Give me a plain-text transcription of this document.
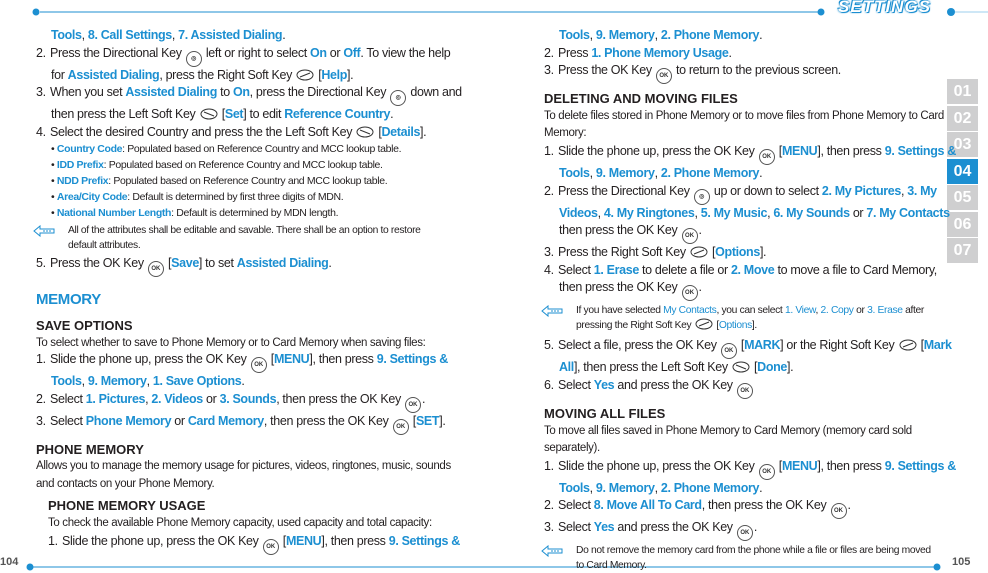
SETTINGS
104	105
01
02
03
04
05
06
07
Tools, 8. Call Settings, 7. Assisted Dialing.
2. Press the Directional Key ◎ left or right to select On or Off. To view the help
for Assisted Dialing, press the Right Soft Key  [Help].
3. When you set Assisted Dialing to On, press the Directional Key ◎ down and
then press the Left Soft Key  [Set] to edit Reference Country.
4. Select the desired Country and press the the Left Soft Key  [Details].
• Country Code: Populated based on Reference Country and MCC lookup table.
• IDD Prefix: Populated based on Reference Country and MCC lookup table.
• NDD Prefix: Populated based on Reference Country and MCC lookup table.
• Area/City Code: Default is determined by first three digits of MDN.
• National Number Length: Default is determined by MDN length.
All of the attributes shall be editable and savable. There shall be an option to restore
default attributes.
5. Press the OK Key OK [Save] to set Assisted Dialing.
MEMORY
SAVE OPTIONS
To select whether to save to Phone Memory or to Card Memory when saving files:
1. Slide the phone up, press the OK Key OK [MENU], then press 9. Settings &
Tools, 9. Memory, 1. Save Options.
2. Select 1. Pictures, 2. Videos or 3. Sounds, then press the OK Key OK .
3. Select Phone Memory or Card Memory, then press the OK Key OK [SET].
PHONE MEMORY
Allows you to manage the memory usage for pictures, videos, ringtones, music, sounds
and contacts on your Phone Memory.
PHONE MEMORY USAGE
To check the available Phone Memory capacity, used capacity and total capacity:
1. Slide the phone up, press the OK Key OK [MENU], then press 9. Settings &
Tools, 9. Memory, 2. Phone Memory.
2. Press 1. Phone Memory Usage.
3. Press the OK Key OK to return to the previous screen.
DELETING AND MOVING FILES
To delete files stored in Phone Memory or to move files from Phone Memory to Card
Memory:
1. Slide the phone up, press the OK Key OK [MENU], then press 9. Settings &
Tools, 9. Memory, 2. Phone Memory.
2. Press the Directional Key ◎ up or down to select 2. My Pictures, 3. My
Videos, 4. My Ringtones, 5. My Music, 6. My Sounds or 7. My Contacts
then press the OK Key OK .
3. Press the Right Soft Key  [Options].
4. Select 1. Erase to delete a file or 2. Move to move a file to Card Memory,
then press the OK Key OK .
If you have selected My Contacts, you can select 1. View, 2. Copy or 3. Erase after
pressing the Right Soft Key  [Options].
5. Select a file, press the OK Key OK [MARK] or the Right Soft Key  [Mark
All], then press the Left Soft Key  [Done].
6. Select Yes and press the OK Key OK
MOVING ALL FILES
To move all files saved in Phone Memory to Card Memory (memory card sold
separately).
1. Slide the phone up, press the OK Key OK [MENU], then press 9. Settings &
Tools, 9. Memory, 2. Phone Memory.
2. Select 8. Move All To Card, then press the OK Key OK .
3. Select Yes and press the OK Key OK .
Do not remove the memory card from the phone while a file or files are being moved
to Card Memory.
